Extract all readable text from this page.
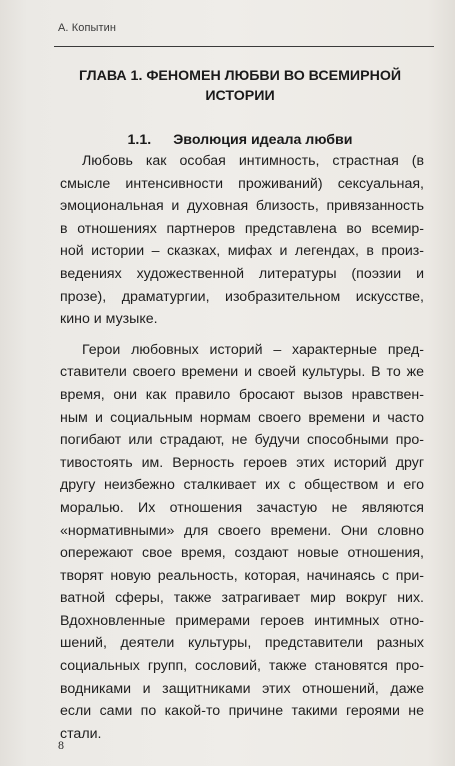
А. Копытин
ГЛАВА 1. ФЕНОМЕН ЛЮБВИ ВО ВСЕМИРНОЙ
ИСТОРИИ
1.1. Эволюция идеала любви
Любовь как особая интимность, страстная (в
смысле интенсивности проживаний) сексуальная,
эмоциональная и духовная близость, привязанность
в отношениях партнеров представлена во всемир-
ной истории – сказках, мифах и легендах, в произ-
ведениях художественной литературы (поэзии и
прозе), драматургии, изобразительном искусстве,
кино и музыке.
Герои любовных историй – характерные пред-
ставители своего времени и своей культуры. В то же
время, они как правило бросают вызов нравствен-
ным и социальным нормам своего времени и часто
погибают или страдают, не будучи способными про-
тивостоять им. Верность героев этих историй друг
другу неизбежно сталкивает их с обществом и его
моралью. Их отношения зачастую не являются
«нормативными» для своего времени. Они словно
опережают свое время, создают новые отношения,
творят новую реальность, которая, начинаясь с при-
ватной сферы, также затрагивает мир вокруг них.
Вдохновленные примерами героев интимных отно-
шений, деятели культуры, представители разных
социальных групп, сословий, также становятся про-
водниками и защитниками этих отношений, даже
если сами по какой-то причине такими героями не
стали.
8
